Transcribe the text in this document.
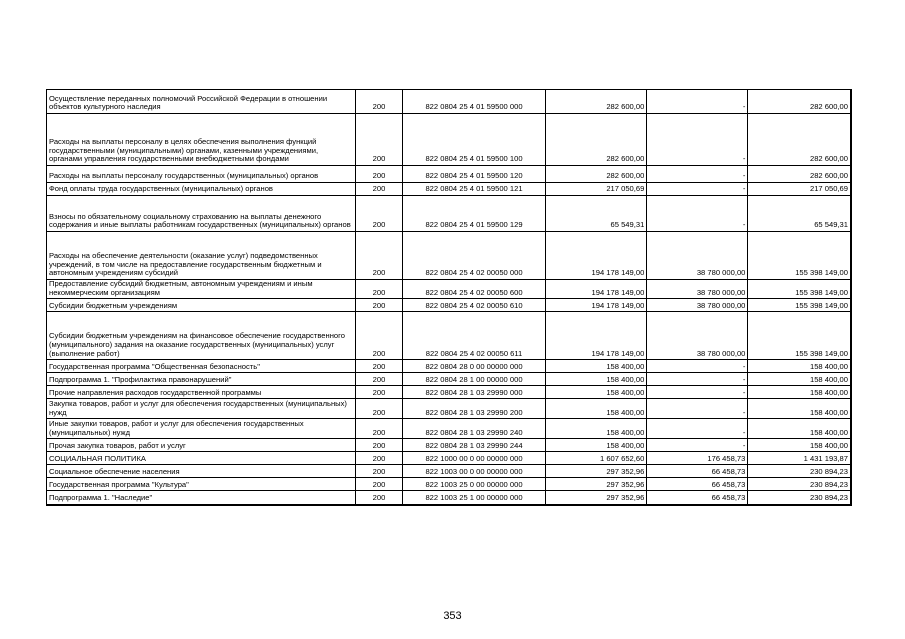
Осуществление переданных полномочий Российской Федерации в отношении объектов культурного наследия	200	822 0804 25 4 01 59500 000	282 600,00	-	282 600,00
Расходы на выплаты персоналу в целях обеспечения выполнения функций государственными (муниципальными) органами, казенными учреждениями, органами управления государственными внебюджетными фондами	200	822 0804 25 4 01 59500 100	282 600,00	-	282 600,00
Расходы на выплаты персоналу государственных (муниципальных) органов	200	822 0804 25 4 01 59500 120	282 600,00	-	282 600,00
Фонд оплаты труда государственных (муниципальных) органов	200	822 0804 25 4 01 59500 121	217 050,69	-	217 050,69
Взносы по обязательному социальному страхованию на выплаты денежного содержания и иные выплаты работникам государственных (муниципальных) органов	200	822 0804 25 4 01 59500 129	65 549,31	-	65 549,31
Расходы на обеспечение деятельности (оказание услуг) подведомственных учреждений, в том числе на предоставление государственным бюджетным и автономным учреждениям субсидий	200	822 0804 25 4 02 00050 000	194 178 149,00	38 780 000,00	155 398 149,00
Предоставление субсидий бюджетным, автономным учреждениям и иным некоммерческим организациям	200	822 0804 25 4 02 00050 600	194 178 149,00	38 780 000,00	155 398 149,00
Субсидии бюджетным учреждениям	200	822 0804 25 4 02 00050 610	194 178 149,00	38 780 000,00	155 398 149,00
Субсидии бюджетным учреждениям на финансовое обеспечение государственного (муниципального) задания на оказание государственных (муниципальных) услуг (выполнение работ)	200	822 0804 25 4 02 00050 611	194 178 149,00	38 780 000,00	155 398 149,00
Государственная программа "Общественная безопасность"	200	822 0804 28 0 00 00000 000	158 400,00	-	158 400,00
Подпрограмма 1. "Профилактика правонарушений"	200	822 0804 28 1 00 00000 000	158 400,00	-	158 400,00
Прочие направления расходов государственной программы	200	822 0804 28 1 03 29990 000	158 400,00	-	158 400,00
Закупка товаров, работ и услуг для обеспечения государственных (муниципальных) нужд	200	822 0804 28 1 03 29990 200	158 400,00	-	158 400,00
Иные закупки товаров, работ и услуг для обеспечения государственных (муниципальных) нужд	200	822 0804 28 1 03 29990 240	158 400,00	-	158 400,00
Прочая закупка товаров, работ и услуг	200	822 0804 28 1 03 29990 244	158 400,00	-	158 400,00
СОЦИАЛЬНАЯ ПОЛИТИКА	200	822 1000 00 0 00 00000 000	1 607 652,60	176 458,73	1 431 193,87
Социальное обеспечение населения	200	822 1003 00 0 00 00000 000	297 352,96	66 458,73	230 894,23
Государственная программа "Культура"	200	822 1003 25 0 00 00000 000	297 352,96	66 458,73	230 894,23
Подпрограмма 1. "Наследие"	200	822 1003 25 1 00 00000 000	297 352,96	66 458,73	230 894,23
353
